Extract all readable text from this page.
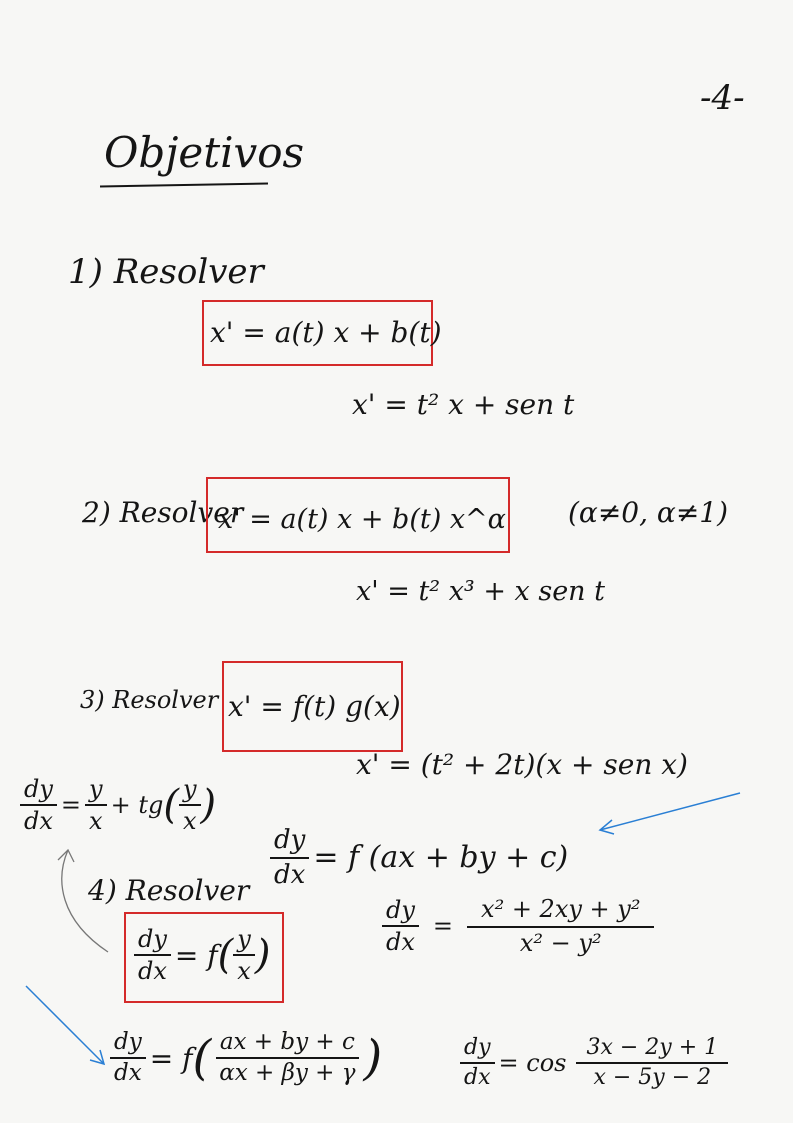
-4-
Objetivos
1) Resolver
x' = a(t) x + b(t)
x' = t² x + sen t
2) Resolver
x' = a(t) x + b(t) x^α (α≠0, α≠1)
x' = t² x³ + x sen t
3) Resolver x' = f(t) g(x)
x' = (t² + 2t)(x + sen x)
$\frac{dy}{dx} = \frac{y}{x}$ + tg ( $\frac{y}{x}$ )
$\frac{dy}{dx} = f$ (ax + by + c)
4) Resolver
$\frac{dy}{dx} = f$ ( $\frac{y}{x}$ )	$\frac{dy}{dx} = \frac{\text{x² + 2xy + y²}}{\text{x² − y²}}$
$\frac{dy}{dx} = f$ ( $\frac{ax + by + c}{\alpha x + \beta y + \gamma}$ )	$\frac{dy}{dx} = \cos \frac{3x - 2y + 1}{x - 5y - 2}$
